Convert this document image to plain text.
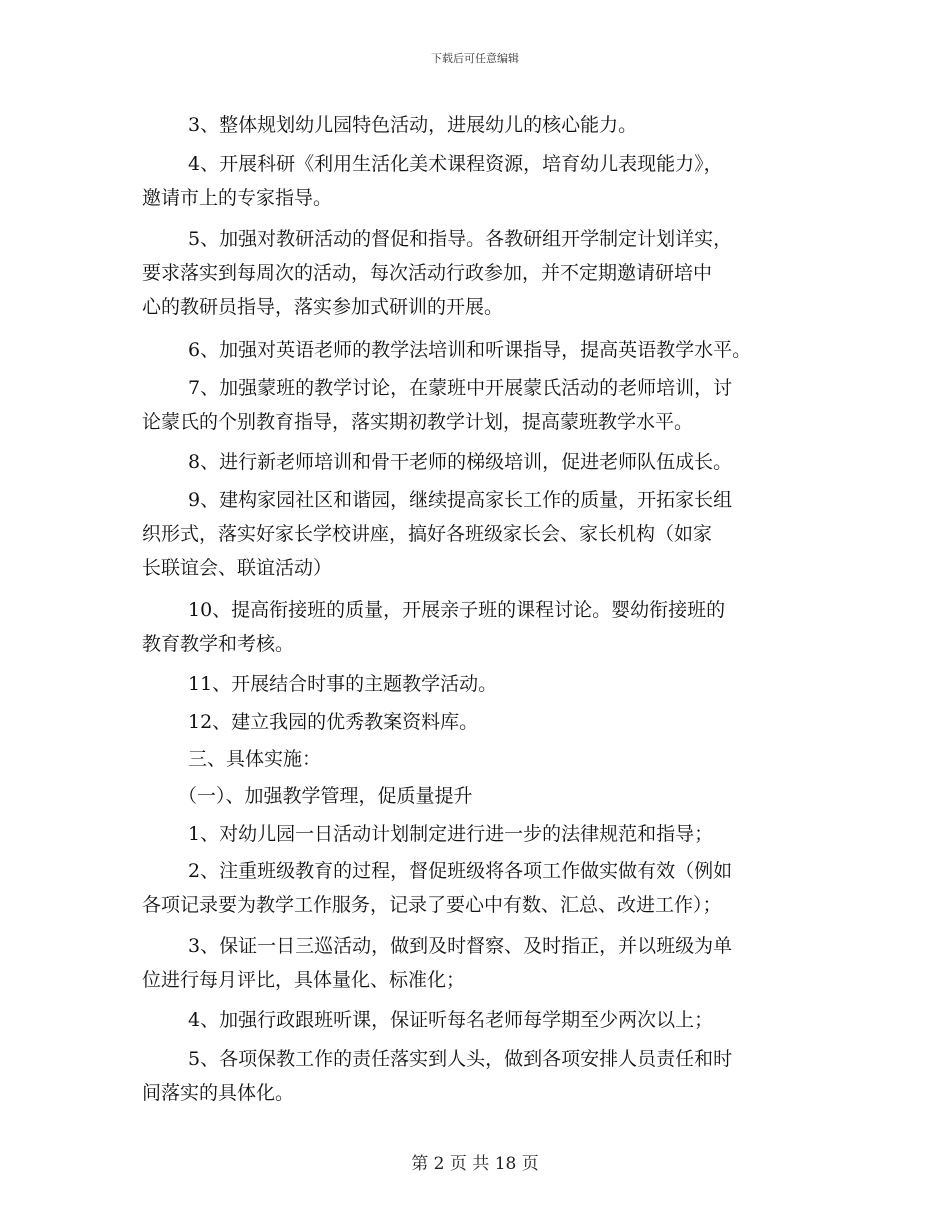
下载后可任意编辑
3、整体规划幼儿园特色活动，进展幼儿的核心能力。
4、开展科研《利用生活化美术课程资源，培育幼儿表现能力》，
邀请市上的专家指导。
5、加强对教研活动的督促和指导。各教研组开学制定计划详实，
要求落实到每周次的活动，每次活动行政参加，并不定期邀请研培中
心的教研员指导，落实参加式研训的开展。
6、加强对英语老师的教学法培训和听课指导，提高英语教学水平。
7、加强蒙班的教学讨论，在蒙班中开展蒙氏活动的老师培训，讨
论蒙氏的个别教育指导，落实期初教学计划，提高蒙班教学水平。
8、进行新老师培训和骨干老师的梯级培训，促进老师队伍成长。
9、建构家园社区和谐园，继续提高家长工作的质量，开拓家长组
织形式，落实好家长学校讲座，搞好各班级家长会、家长机构（如家
长联谊会、联谊活动）
10、提高衔接班的质量，开展亲子班的课程讨论。婴幼衔接班的
教育教学和考核。
11、开展结合时事的主题教学活动。
12、建立我园的优秀教案资料库。
三、具体实施：
（一）、加强教学管理，促质量提升
1、对幼儿园一日活动计划制定进行进一步的法律规范和指导；
2、注重班级教育的过程，督促班级将各项工作做实做有效（例如
各项记录要为教学工作服务，记录了要心中有数、汇总、改进工作）；
3、保证一日三巡活动，做到及时督察、及时指正，并以班级为单
位进行每月评比，具体量化、标准化；
4、加强行政跟班听课，保证听每名老师每学期至少两次以上；
5、各项保教工作的责任落实到人头，做到各项安排人员责任和时
间落实的具体化。
第 2 页 共 18 页
